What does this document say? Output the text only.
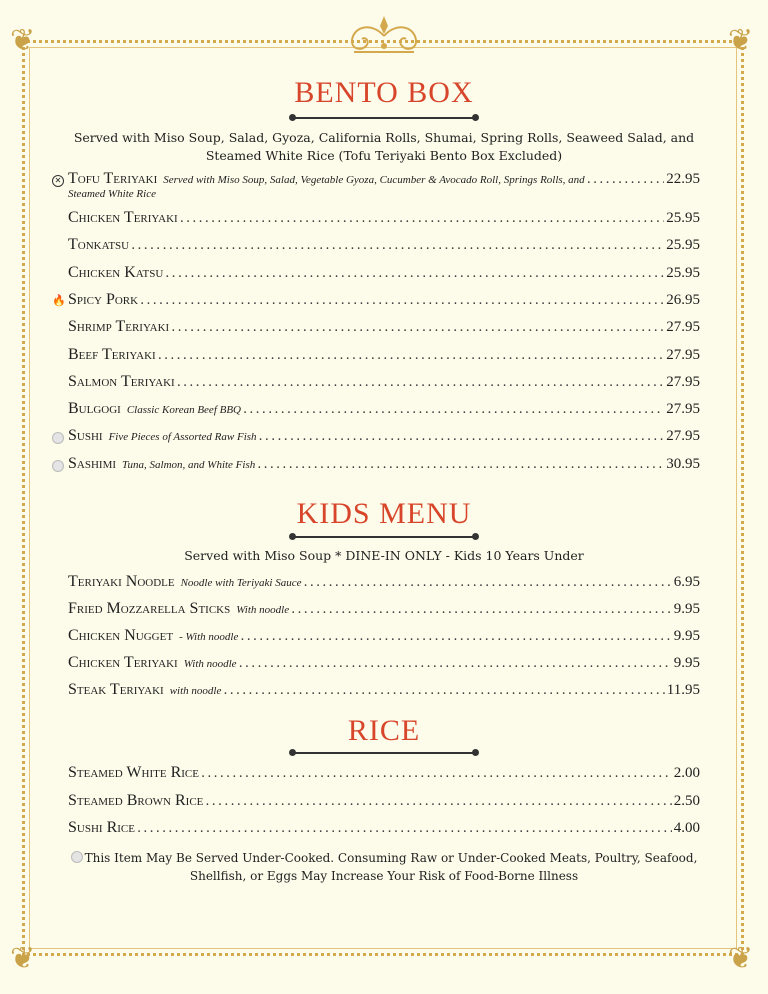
❦	❦
❦	❦
BENTO BOX
Served with Miso Soup, Salad, Gyoza, California Rolls, Shumai, Spring Rolls, Seaweed Salad, and Steamed White Rice (Tofu Teriyaki Bento Box Excluded)
✕ Tofu Teriyaki Served with Miso Soup, Salad, Vegetable Gyoza, Cucumber & Avocado Roll, Springs Rolls, and . . .	22.95
Steamed White Rice
Chicken Teriyaki . . .	25.95
Tonkatsu . . .	25.95
Chicken Katsu . . .	25.95
🔥 Spicy Pork . . .	26.95
Shrimp Teriyaki . . .	27.95
Beef Teriyaki . . .	27.95
Salmon Teriyaki . . .	27.95
Bulgogi Classic Korean Beef BBQ . . .	27.95
Sushi Five Pieces of Assorted Raw Fish . . .	27.95
Sashimi Tuna, Salmon, and White Fish . . .	30.95
KIDS MENU
Served with Miso Soup * DINE-IN ONLY - Kids 10 Years Under
Teriyaki Noodle Noodle with Teriyaki Sauce . . .	6.95
Fried Mozzarella Sticks With noodle . . .	9.95
Chicken Nugget - With noodle . . .	9.95
Chicken Teriyaki With noodle . . .	9.95
Steak Teriyaki with noodle . . .	11.95
RICE
Steamed White Rice . . .	2.00
Steamed Brown Rice . . .	2.50
Sushi Rice . . .	4.00
This Item May Be Served Under-Cooked. Consuming Raw or Under-Cooked Meats, Poultry, Seafood, Shellfish, or Eggs May Increase Your Risk of Food-Borne Illness
